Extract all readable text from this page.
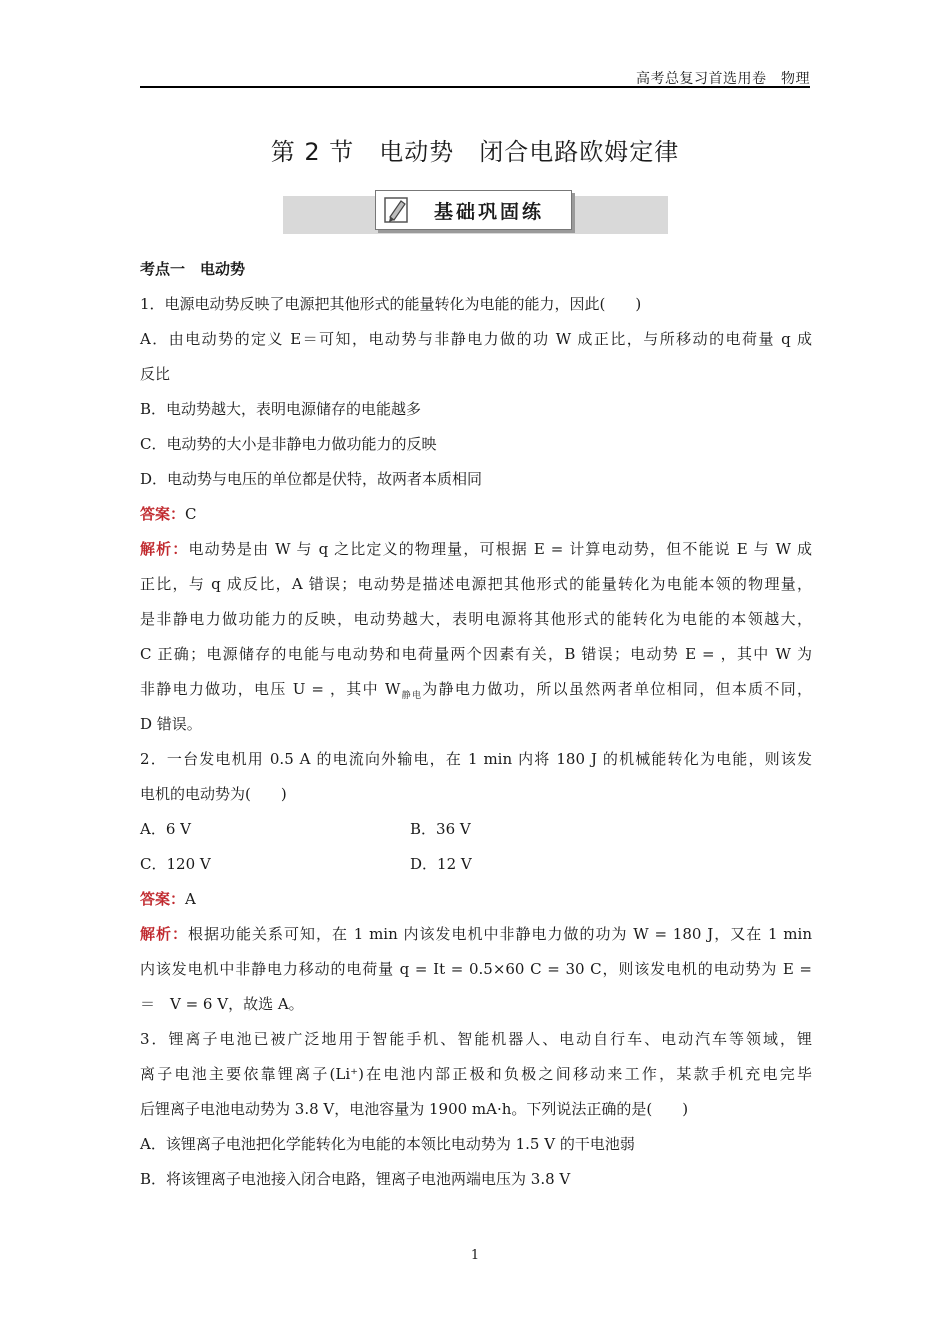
高考总复习首选用卷　物理
第 2 节　电动势　闭合电路欧姆定律
基础巩固练
考点一　电动势
1．电源电动势反映了电源把其他形式的能量转化为电能的能力，因此(　　)
A．由电动势的定义 E＝可知，电动势与非静电力做的功 W 成正比，与所移动的电荷量 q 成
反比
B．电动势越大，表明电源储存的电能越多
C．电动势的大小是非静电力做功能力的反映
D．电动势与电压的单位都是伏特，故两者本质相同
答案：C
解析：电动势是由 W 与 q 之比定义的物理量，可根据 E = 计算电动势，但不能说 E 与 W 成
正比，与 q 成反比，A 错误；电动势是描述电源把其他形式的能量转化为电能本领的物理量，
是非静电力做功能力的反映，电动势越大，表明电源将其他形式的能转化为电能的本领越大，
C 正确；电源储存的电能与电动势和电荷量两个因素有关，B 错误；电动势 E = ，其中 W 为
非静电力做功，电压 U = ，其中 $W_{静电}$为静电力做功，所以虽然两者单位相同，但本质不同，
D 错误。
2．一台发电机用 0.5 A 的电流向外输电，在 1 min 内将 180 J 的机械能转化为电能，则该发
电机的电动势为(　　)
A．6 V	B．36 V
C．120 V	D．12 V
答案：A
解析：根据功能关系可知，在 1 min 内该发电机中非静电力做的功为 W = 180 J，又在 1 min
内该发电机中非静电力移动的电荷量 q = It = 0.5×60 C = 30 C，则该发电机的电动势为 E =
＝　V = 6 V，故选 A。
3．锂离子电池已被广泛地用于智能手机、智能机器人、电动自行车、电动汽车等领域，锂
离子电池主要依靠锂离子(Li⁺)在电池内部正极和负极之间移动来工作，某款手机充电完毕
后锂离子电池电动势为 3.8 V，电池容量为 1900 mA·h。下列说法正确的是(　　)
A．该锂离子电池把化学能转化为电能的本领比电动势为 1.5 V 的干电池弱
B．将该锂离子电池接入闭合电路，锂离子电池两端电压为 3.8 V
1
